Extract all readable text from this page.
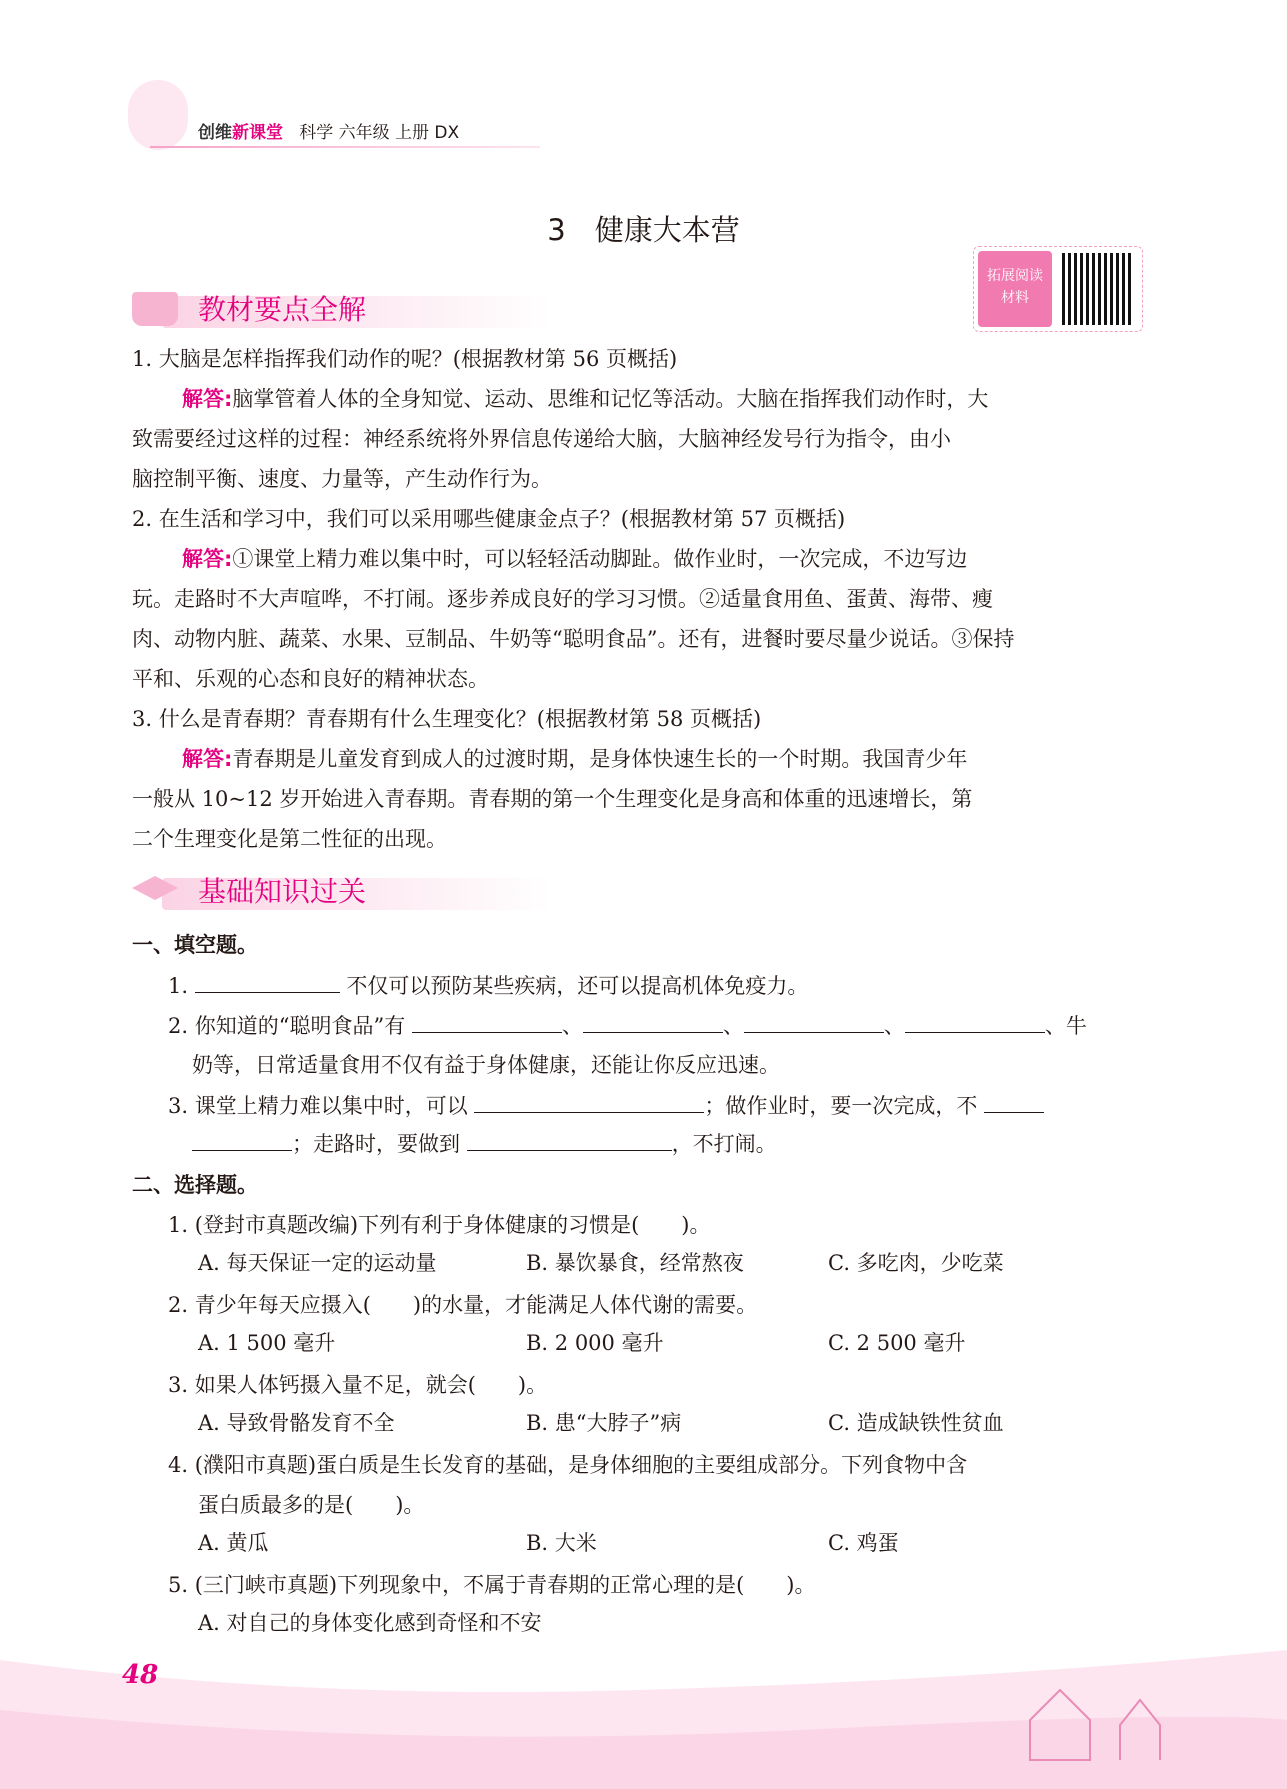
创维新课堂 科学 六年级 上册 DX
3　健康大本营
拓展阅读
材料
教材要点全解
1. 大脑是怎样指挥我们动作的呢？(根据教材第 56 页概括)
解答:脑掌管着人体的全身知觉、运动、思维和记忆等活动。大脑在指挥我们动作时，大
致需要经过这样的过程：神经系统将外界信息传递给大脑，大脑神经发号行为指令，由小
脑控制平衡、速度、力量等，产生动作行为。
2. 在生活和学习中，我们可以采用哪些健康金点子？(根据教材第 57 页概括)
解答:①课堂上精力难以集中时，可以轻轻活动脚趾。做作业时，一次完成，不边写边
玩。走路时不大声喧哗，不打闹。逐步养成良好的学习习惯。②适量食用鱼、蛋黄、海带、瘦
肉、动物内脏、蔬菜、水果、豆制品、牛奶等“聪明食品”。还有，进餐时要尽量少说话。③保持
平和、乐观的心态和良好的精神状态。
3. 什么是青春期？青春期有什么生理变化？(根据教材第 58 页概括)
解答:青春期是儿童发育到成人的过渡时期，是身体快速生长的一个时期。我国青少年
一般从 10~12 岁开始进入青春期。青春期的第一个生理变化是身高和体重的迅速增长，第
二个生理变化是第二性征的出现。
基础知识过关
一、填空题。
1.	不仅可以预防某些疾病，还可以提高机体免疫力。
2. 你知道的“聪明食品”有	、	、	、	、牛
奶等，日常适量食用不仅有益于身体健康，还能让你反应迅速。
3. 课堂上精力难以集中时，可以	；做作业时，要一次完成，不
；走路时，要做到	，不打闹。
二、选择题。
1. (登封市真题改编)下列有利于身体健康的习惯是(　　)。
A. 每天保证一定的运动量	B. 暴饮暴食，经常熬夜	C. 多吃肉，少吃菜
2. 青少年每天应摄入(　　)的水量，才能满足人体代谢的需要。
A. 1 500 毫升	B. 2 000 毫升	C. 2 500 毫升
3. 如果人体钙摄入量不足，就会(　　)。
A. 导致骨骼发育不全	B. 患“大脖子”病	C. 造成缺铁性贫血
4. (濮阳市真题)蛋白质是生长发育的基础，是身体细胞的主要组成部分。下列食物中含
蛋白质最多的是(　　)。
A. 黄瓜	B. 大米	C. 鸡蛋
5. (三门峡市真题)下列现象中，不属于青春期的正常心理的是(　　)。
A. 对自己的身体变化感到奇怪和不安
48
